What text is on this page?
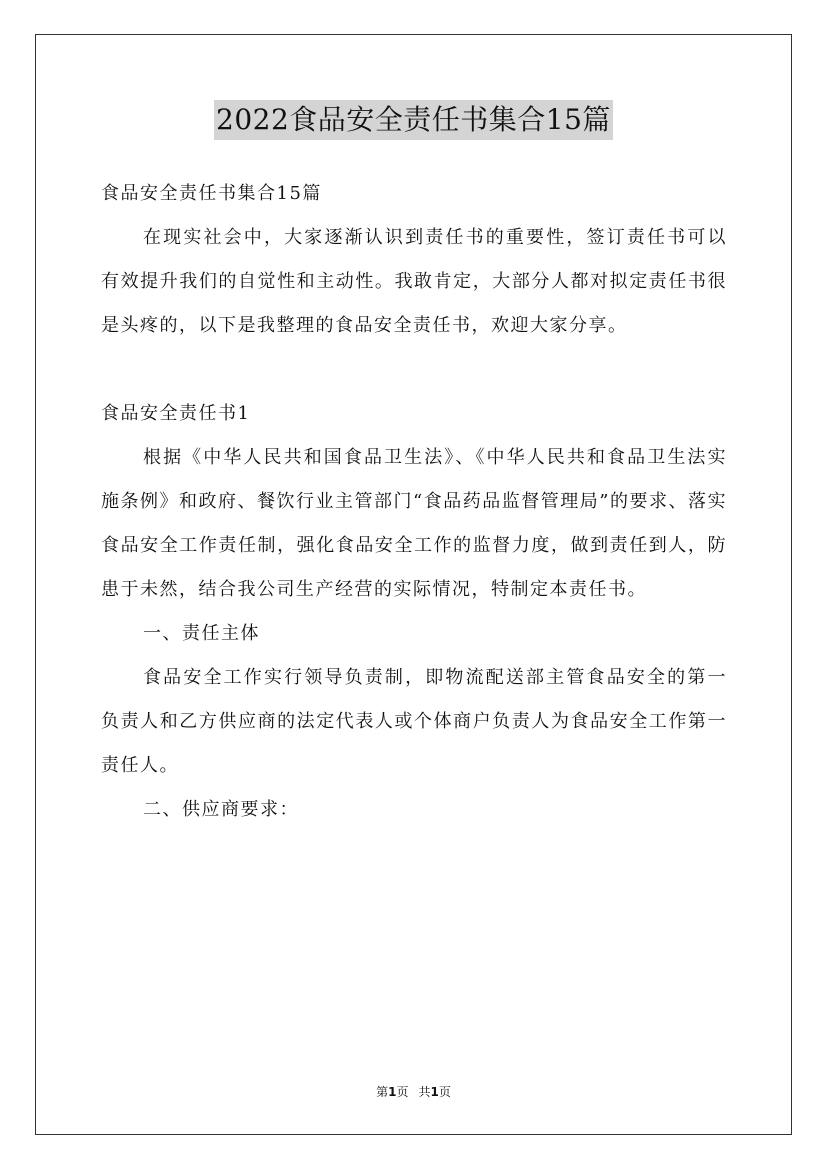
2022食品安全责任书集合15篇

食品安全责任书集合15篇

在现实社会中，大家逐渐认识到责任书的重要性，签订责任书可以有效提升我们的自觉性和主动性。我敢肯定，大部分人都对拟定责任书很是头疼的，以下是我整理的食品安全责任书，欢迎大家分享。

食品安全责任书1

根据《中华人民共和国食品卫生法》、《中华人民共和食品卫生法实施条例》和政府、餐饮行业主管部门“食品药品监督管理局”的要求、落实食品安全工作责任制，强化食品安全工作的监督力度，做到责任到人，防患于未然，结合我公司生产经营的实际情况，特制定本责任书。

一、责任主体

食品安全工作实行领导负责制，即物流配送部主管食品安全的第一负责人和乙方供应商的法定代表人或个体商户负责人为食品安全工作第一责任人。

二、供应商要求：

第1页 共1页
